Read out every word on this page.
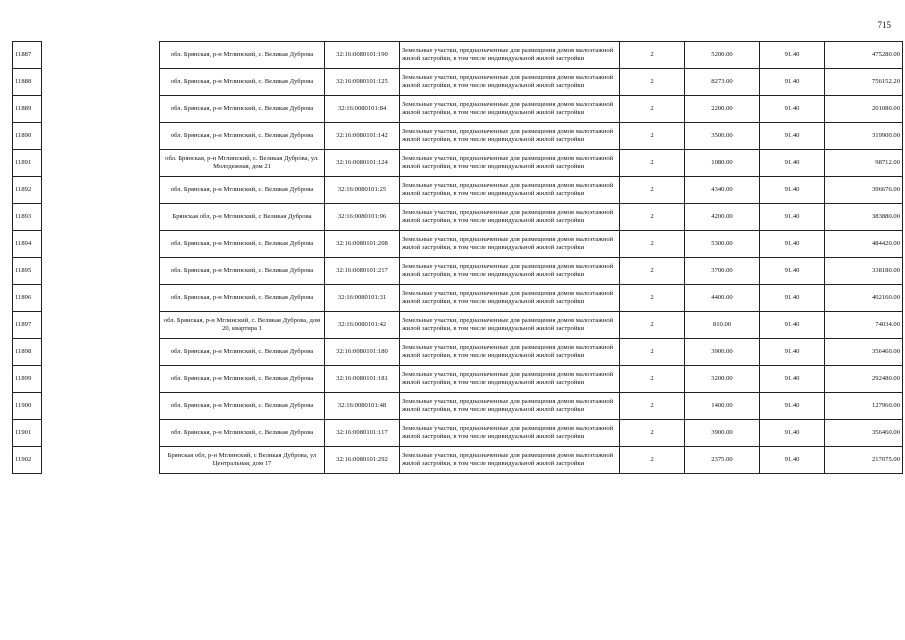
715
11887		обл. Брянская, р-н Мглинский, с. Великая Дуброва	32:16:0080101:190	Земельные участки, предназначенные для размещения домов малоэтажной жилой застройки, в том числе индивидуальной жилой застройки	2	5200.00	91.40	475280.00
11888		обл. Брянская, р-н Мглинский, с. Великая Дуброва	32:16:0080101:125	Земельные участки, предназначенные для размещения домов малоэтажной жилой застройки, в том числе индивидуальной жилой застройки	2	8273.00	91.40	756152.20
11889		обл. Брянская, р-н Мглинский, с. Великая Дуброва	32:16:0080101:84	Земельные участки, предназначенные для размещения домов малоэтажной жилой застройки, в том числе индивидуальной жилой застройки	2	2200.00	91.40	201080.00
11890		обл. Брянская, р-н Мглинский, с. Великая Дуброва	32:16:0080101:142	Земельные участки, предназначенные для размещения домов малоэтажной жилой застройки, в том числе индивидуальной жилой застройки	2	3500.00	91.40	319900.00
11891		обл. Брянская, р-н Мглинский, с. Великая Дуброва, ул. Молодежная, дом 21	32:16:0080101:124	Земельные участки, предназначенные для размещения домов малоэтажной жилой застройки, в том числе индивидуальной жилой застройки	2	1080.00	91.40	98712.00
11892		обл. Брянская, р-н Мглинский, с. Великая Дуброва	32:16:0080101:25	Земельные участки, предназначенные для размещения домов малоэтажной жилой застройки, в том числе индивидуальной жилой застройки	2	4340.00	91.40	396676.00
11893		Брянская обл, р-н Мглинский, с Великая Дуброва	32:16:0080101:96	Земельные участки, предназначенные для размещения домов малоэтажной жилой застройки, в том числе индивидуальной жилой застройки	2	4200.00	91.40	383880.00
11894		обл. Брянская, р-н Мглинский, с. Великая Дуброва	32:16:0080101:208	Земельные участки, предназначенные для размещения домов малоэтажной жилой застройки, в том числе индивидуальной жилой застройки	2	5300.00	91.40	484420.00
11895		обл. Брянская, р-н Мглинский, с. Великая Дуброва	32:16:0080101:217	Земельные участки, предназначенные для размещения домов малоэтажной жилой застройки, в том числе индивидуальной жилой застройки	2	3700.00	91.40	338180.00
11896		обл. Брянская, р-н Мглинский, с. Великая Дуброва	32:16:0080101:31	Земельные участки, предназначенные для размещения домов малоэтажной жилой застройки, в том числе индивидуальной жилой застройки	2	4400.00	91.40	402160.00
11897		обл. Брянская, р-н Мглинский, с. Великая Дуброва, дом 20, квартира 1	32:16:0080101:42	Земельные участки, предназначенные для размещения домов малоэтажной жилой застройки, в том числе индивидуальной жилой застройки	2	810.00	91.40	74034.00
11898		обл. Брянская, р-н Мглинский, с. Великая Дуброва	32:16:0080101:180	Земельные участки, предназначенные для размещения домов малоэтажной жилой застройки, в том числе индивидуальной жилой застройки	2	3900.00	91.40	356460.00
11899		обл. Брянская, р-н Мглинский, с. Великая Дуброва	32:16:0080101:181	Земельные участки, предназначенные для размещения домов малоэтажной жилой застройки, в том числе индивидуальной жилой застройки	2	3200.00	91.40	292480.00
11900		обл. Брянская, р-н Мглинский, с. Великая Дуброва	32:16:0080101:48	Земельные участки, предназначенные для размещения домов малоэтажной жилой застройки, в том числе индивидуальной жилой застройки	2	1400.00	91.40	127960.00
11901		обл. Брянская, р-н Мглинский, с. Великая Дуброва	32:16:0080101:117	Земельные участки, предназначенные для размещения домов малоэтажной жилой застройки, в том числе индивидуальной жилой застройки	2	3900.00	91.40	356460.00
11902		Брянская обл, р-н Мглинский, с Великая Дуброва, ул Центральная, дом 17	32:16:0080101:292	Земельные участки, предназначенные для размещения домов малоэтажной жилой застройки, в том числе индивидуальной жилой застройки	2	2375.00	91.40	217075.00
